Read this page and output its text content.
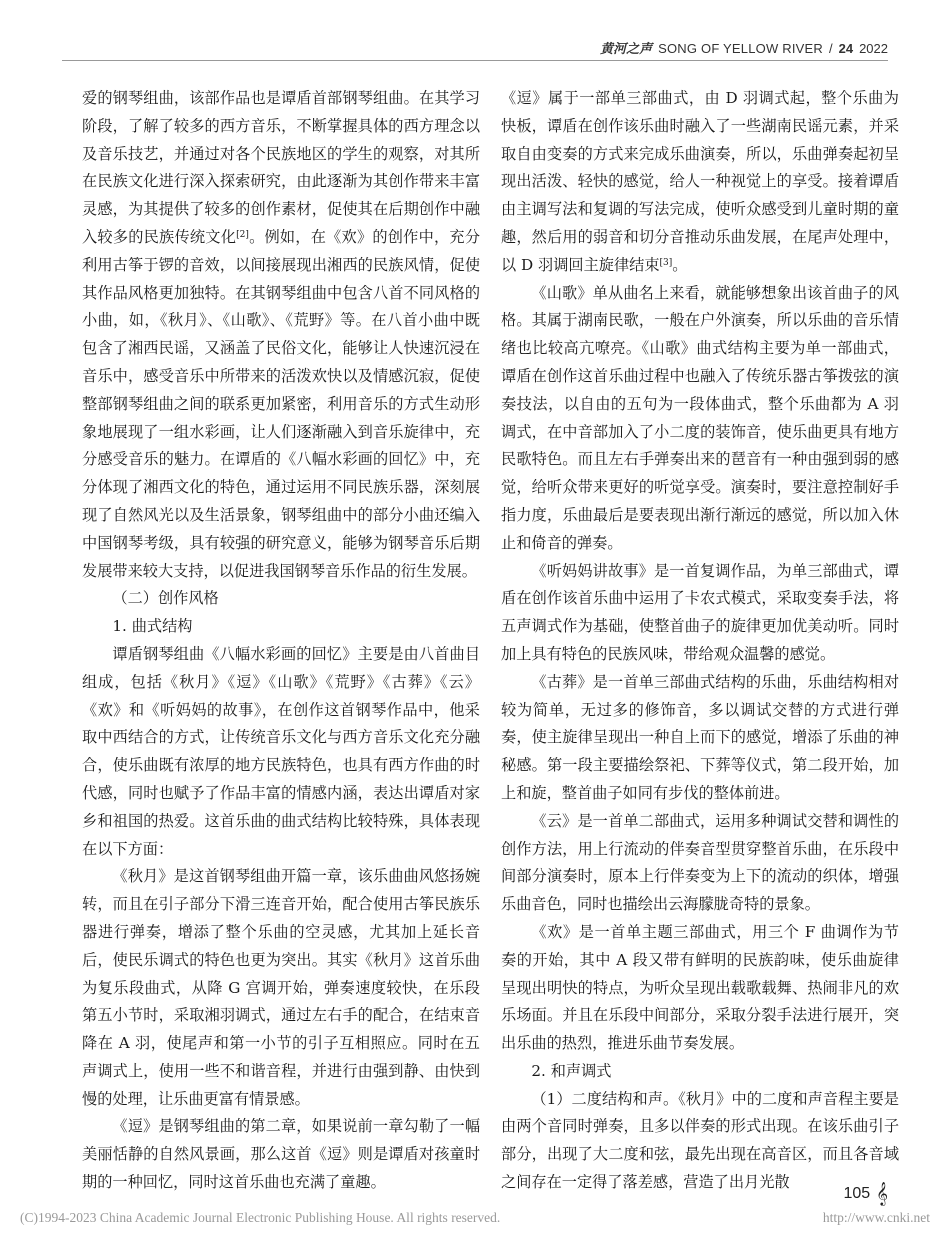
黄河之声 SONG OF YELLOW RIVER / 24 2022

爱的钢琴组曲，该部作品也是谭盾首部钢琴组曲。在其学习阶段，了解了较多的西方音乐，不断掌握具体的西方理念以及音乐技艺，并通过对各个民族地区的学生的观察，对其所在民族文化进行深入探索研究，由此逐渐为其创作带来丰富灵感，为其提供了较多的创作素材，促使其在后期创作中融入较多的民族传统文化[2]。例如，在《欢》的创作中，充分利用古筝于锣的音效，以间接展现出湘西的民族风情，促使其作品风格更加独特。在其钢琴组曲中包含八首不同风格的小曲，如，《秋月》、《山歌》、《荒野》等。在八首小曲中既包含了湘西民谣，又涵盖了民俗文化，能够让人快速沉浸在音乐中，感受音乐中所带来的活泼欢快以及情感沉寂，促使整部钢琴组曲之间的联系更加紧密，利用音乐的方式生动形象地展现了一组水彩画，让人们逐渐融入到音乐旋律中，充分感受音乐的魅力。在谭盾的《八幅水彩画的回忆》中，充分体现了湘西文化的特色，通过运用不同民族乐器，深刻展现了自然风光以及生活景象，钢琴组曲中的部分小曲还编入中国钢琴考级，具有较强的研究意义，能够为钢琴音乐后期发展带来较大支持，以促进我国钢琴音乐作品的衍生发展。

（二）创作风格
1. 曲式结构

谭盾钢琴组曲《八幅水彩画的回忆》主要是由八首曲目组成，包括《秋月》《逗》《山歌》《荒野》《古葬》《云》《欢》和《听妈妈的故事》，在创作这首钢琴作品中，他采取中西结合的方式，让传统音乐文化与西方音乐文化充分融合，使乐曲既有浓厚的地方民族特色，也具有西方作曲的时代感，同时也赋予了作品丰富的情感内涵，表达出谭盾对家乡和祖国的热爱。这首乐曲的曲式结构比较特殊，具体表现在以下方面：

《秋月》是这首钢琴组曲开篇一章，该乐曲曲风悠扬婉转，而且在引子部分下滑三连音开始，配合使用古筝民族乐器进行弹奏，增添了整个乐曲的空灵感，尤其加上延长音后，使民乐调式的特色也更为突出。其实《秋月》这首乐曲为复乐段曲式，从降 G 宫调开始，弹奏速度较快，在乐段第五小节时，采取湘羽调式，通过左右手的配合，在结束音降在 A 羽，使尾声和第一小节的引子互相照应。同时在五声调式上，使用一些不和谐音程，并进行由强到静、由快到慢的处理，让乐曲更富有情景感。

《逗》是钢琴组曲的第二章，如果说前一章勾勒了一幅美丽恬静的自然风景画，那么这首《逗》则是谭盾对孩童时期的一种回忆，同时这首乐曲也充满了童趣。

《逗》属于一部单三部曲式，由 D 羽调式起，整个乐曲为快板，谭盾在创作该乐曲时融入了一些湖南民谣元素，并采取自由变奏的方式来完成乐曲演奏，所以，乐曲弹奏起初呈现出活泼、轻快的感觉，给人一种视觉上的享受。接着谭盾由主调写法和复调的写法完成，使听众感受到儿童时期的童趣，然后用的弱音和切分音推动乐曲发展，在尾声处理中，以 D 羽调回主旋律结束[3]。

《山歌》单从曲名上来看，就能够想象出该首曲子的风格。其属于湖南民歌，一般在户外演奏，所以乐曲的音乐情绪也比较高亢嘹亮。《山歌》曲式结构主要为单一部曲式，谭盾在创作这首乐曲过程中也融入了传统乐器古筝拨弦的演奏技法，以自由的五句为一段体曲式，整个乐曲都为 A 羽调式，在中音部加入了小二度的装饰音，使乐曲更具有地方民歌特色。而且左右手弹奏出来的琶音有一种由强到弱的感觉，给听众带来更好的听觉享受。演奏时，要注意控制好手指力度，乐曲最后是要表现出渐行渐远的感觉，所以加入休止和倚音的弹奏。

《听妈妈讲故事》是一首复调作品，为单三部曲式，谭盾在创作该首乐曲中运用了卡农式模式，采取变奏手法，将五声调式作为基础，使整首曲子的旋律更加优美动听。同时加上具有特色的民族风味，带给观众温馨的感觉。

《古葬》是一首单三部曲式结构的乐曲，乐曲结构相对较为简单，无过多的修饰音，多以调试交替的方式进行弹奏，使主旋律呈现出一种自上而下的感觉，增添了乐曲的神秘感。第一段主要描绘祭祀、下葬等仪式，第二段开始，加上和旋，整首曲子如同有步伐的整体前进。

《云》是一首单二部曲式，运用多种调试交替和调性的创作方法，用上行流动的伴奏音型贯穿整首乐曲，在乐段中间部分演奏时，原本上行伴奏变为上下的流动的织体，增强乐曲音色，同时也描绘出云海朦胧奇特的景象。

《欢》是一首单主题三部曲式，用三个 F 曲调作为节奏的开始，其中 A 段又带有鲜明的民族韵味，使乐曲旋律呈现出明快的特点，为听众呈现出载歌载舞、热闹非凡的欢乐场面。并且在乐段中间部分，采取分裂手法进行展开，突出乐曲的热烈，推进乐曲节奏发展。

2. 和声调式

（1）二度结构和声。《秋月》中的二度和声音程主要是由两个音同时弹奏，且多以伴奏的形式出现。在该乐曲引子部分，出现了大二度和弦，最先出现在高音区，而且各音域之间存在一定得了落差感，营造了出月光散

105 𝄞
(C)1994-2023 China Academic Journal Electronic Publishing House. All rights reserved.	http://www.cnki.net
